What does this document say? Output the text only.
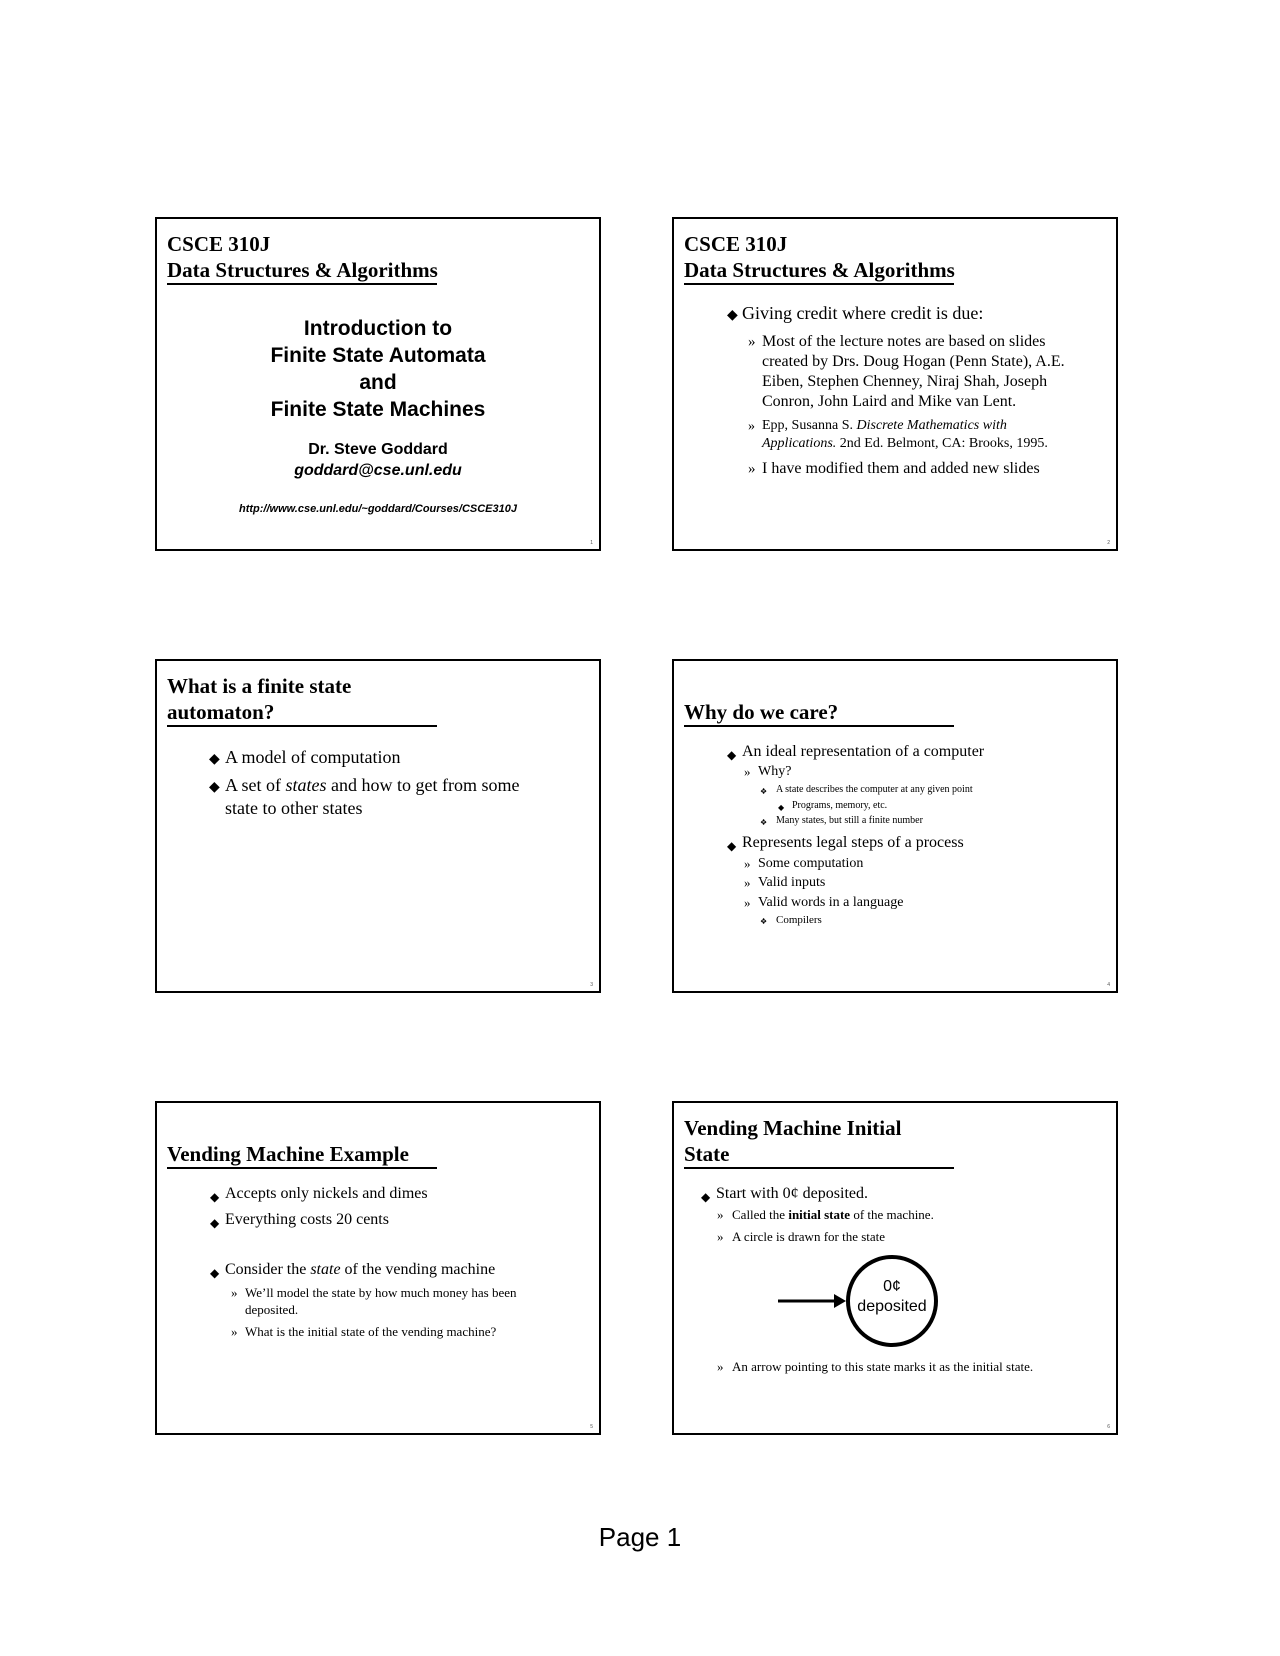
CSCE 310J
Data Structures & Algorithms
Introduction to
Finite State Automata
and
Finite State Machines
Dr. Steve Goddard
goddard@cse.unl.edu
http://www.cse.unl.edu/~goddard/Courses/CSCE310J
1
CSCE 310J
Data Structures & Algorithms
◆ Giving credit where credit is due:
» Most of the lecture notes are based on slides
created by Drs. Doug Hogan (Penn State), A.E.
Eiben, Stephen Chenney, Niraj Shah, Joseph
Conron, John Laird and Mike van Lent.
» Epp, Susanna S. Discrete Mathematics with
Applications. 2nd Ed. Belmont, CA: Brooks, 1995.
» I have modified them and added new slides
2
What is a finite state
automaton?
◆ A model of computation
◆ A set of states and how to get from some
state to other states
3
Why do we care?
◆ An ideal representation of a computer
» Why?
❖ A state describes the computer at any given point
◆ Programs, memory, etc.
❖ Many states, but still a finite number
◆ Represents legal steps of a process
» Some computation
» Valid inputs
» Valid words in a language
❖ Compilers
4
Vending Machine Example
◆ Accepts only nickels and dimes
◆ Everything costs 20 cents
◆ Consider the state of the vending machine
» We’ll model the state by how much money has been
deposited.
» What is the initial state of the vending machine?
5
Vending Machine Initial
State
◆ Start with 0¢ deposited.
» Called the initial state of the machine.
» A circle is drawn for the state
0¢
deposited
» An arrow pointing to this state marks it as the initial state.
6
Page 1
